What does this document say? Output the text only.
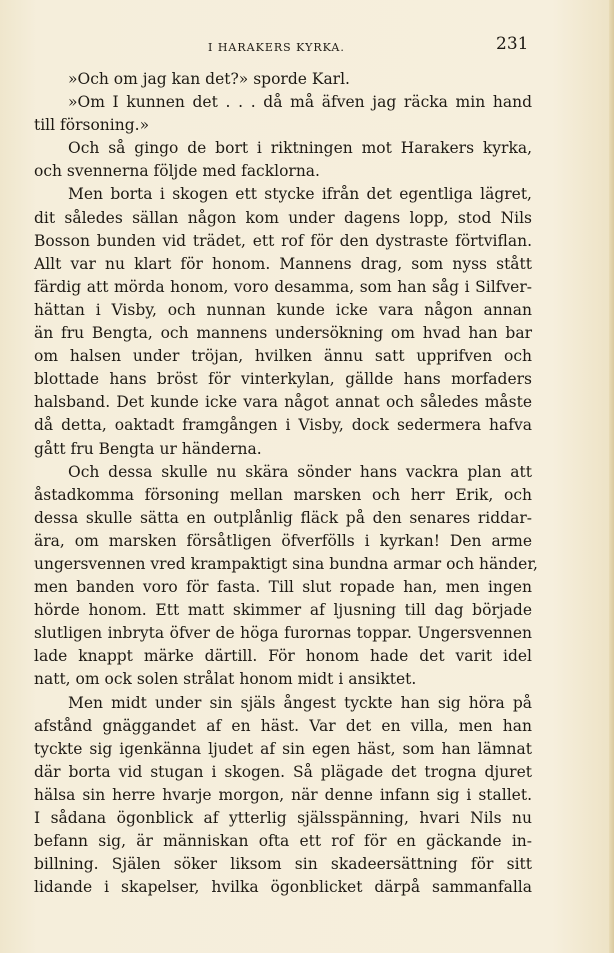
I HARAKERS KYRKA.	231
»Och om jag kan det?» sporde Karl.
»Om I kunnen det . . . då må äfven jag räcka min hand
till försoning.»
Och så gingo de bort i riktningen mot Harakers kyrka,
och svennerna följde med facklorna.
Men borta i skogen ett stycke ifrån det egentliga lägret,
dit således sällan någon kom under dagens lopp, stod Nils
Bosson bunden vid trädet, ett rof för den dystraste förtviflan.
Allt var nu klart för honom. Mannens drag, som nyss stått
färdig att mörda honom, voro desamma, som han såg i Silfver-
hättan i Visby, och nunnan kunde icke vara någon annan
än fru Bengta, och mannens undersökning om hvad han bar
om halsen under tröjan, hvilken ännu satt upprifven och
blottade hans bröst för vinterkylan, gällde hans morfaders
halsband. Det kunde icke vara något annat och således måste
då detta, oaktadt framgången i Visby, dock sedermera hafva
gått fru Bengta ur händerna.
Och dessa skulle nu skära sönder hans vackra plan att
åstadkomma försoning mellan marsken och herr Erik, och
dessa skulle sätta en outplånlig fläck på den senares riddar-
ära, om marsken försåtligen öfverfölls i kyrkan! Den arme
ungersvennen vred krampaktigt sina bundna armar och händer,
men banden voro för fasta. Till slut ropade han, men ingen
hörde honom. Ett matt skimmer af ljusning till dag började
slutligen inbryta öfver de höga furornas toppar. Ungersvennen
lade knappt märke därtill. För honom hade det varit idel
natt, om ock solen strålat honom midt i ansiktet.
Men midt under sin själs ångest tyckte han sig höra på
afstånd gnäggandet af en häst. Var det en villa, men han
tyckte sig igenkänna ljudet af sin egen häst, som han lämnat
där borta vid stugan i skogen. Så plägade det trogna djuret
hälsa sin herre hvarje morgon, när denne infann sig i stallet.
I sådana ögonblick af ytterlig själsspänning, hvari Nils nu
befann sig, är människan ofta ett rof för en gäckande in-
billning. Själen söker liksom sin skadeersättning för sitt
lidande i skapelser, hvilka ögonblicket därpå sammanfalla
